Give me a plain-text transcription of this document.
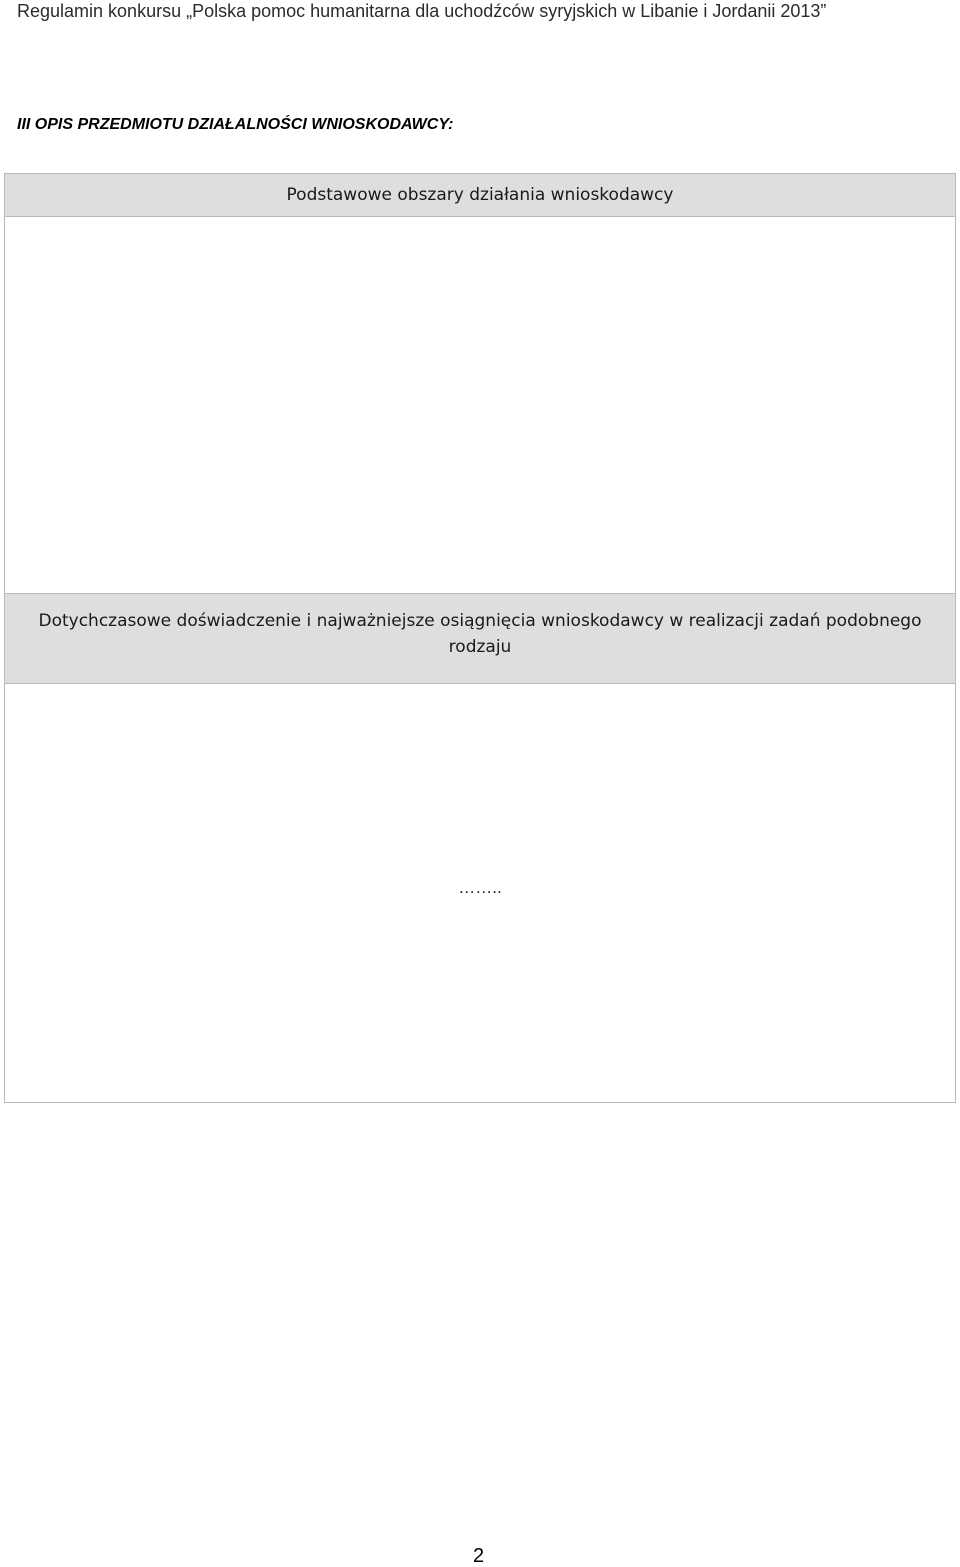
Regulamin konkursu „Polska pomoc humanitarna dla uchodźców syryjskich w Libanie i Jordanii 2013”
III OPIS PRZEDMIOTU DZIAŁALNOŚCI WNIOSKODAWCY:
Podstawowe obszary działania wnioskodawcy

Dotychczasowe doświadczenie i najważniejsze osiągnięcia wnioskodawcy w realizacji zadań podobnego rodzaju

……..
2
